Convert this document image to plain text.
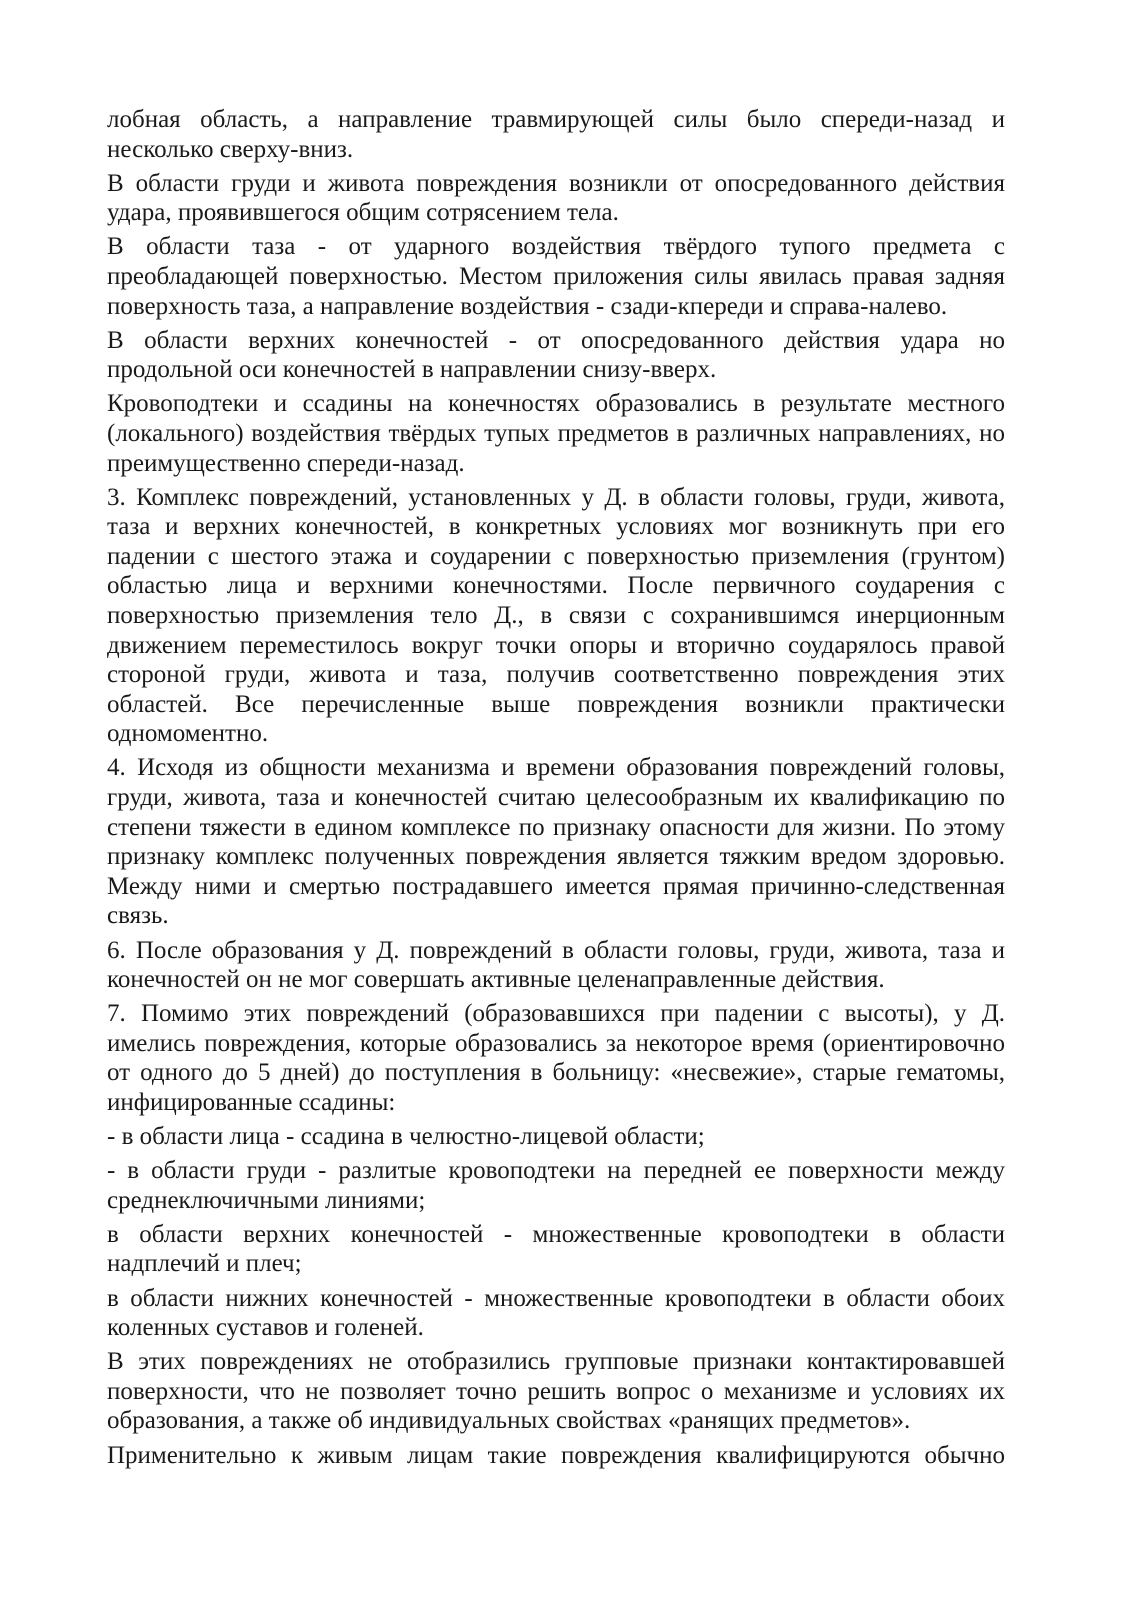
лобная область, а направление травмирующей силы было спереди-назад и несколько сверху-вниз.

В области груди и живота повреждения возникли от опосредованного действия удара, проявившегося общим сотрясением тела.

В области таза - от ударного воздействия твёрдого тупого предмета с преобладающей поверхностью. Местом приложения силы явилась правая задняя поверхность таза, а направление воздействия - сзади-кпереди и справа-налево.

В области верхних конечностей - от опосредованного действия удара но продольной оси конечностей в направлении снизу-вверх.

Кровоподтеки и ссадины на конечностях образовались в результате местного (локального) воздействия твёрдых тупых предметов в различных направлениях, но преимущественно спереди-назад.

3. Комплекс повреждений, установленных у Д. в области головы, груди, живота, таза и верхних конечностей, в конкретных условиях мог возникнуть при его падении с шестого этажа и соударении с поверхностью приземления (грунтом) областью лица и верхними конечностями. После первичного соударения с поверхностью приземления тело Д., в связи с сохранившимся инерционным движением переместилось вокруг точки опоры и вторично соударялось правой стороной груди, живота и таза, получив соответственно повреждения этих областей. Все перечисленные выше повреждения возникли практически одномоментно.

4. Исходя из общности механизма и времени образования повреждений головы, груди, живота, таза и конечностей считаю целесообразным их квалификацию по степени тяжести в едином комплексе по признаку опасности для жизни. По этому признаку комплекс полученных повреждения является тяжким вредом здоровью. Между ними и смертью пострадавшего имеется прямая причинно-следственная связь.

6. После образования у Д. повреждений в области головы, груди, живота, таза и конечностей он не мог совершать активные целенаправленные действия.

7. Помимо этих повреждений (образовавшихся при падении с высоты), у Д. имелись повреждения, которые образовались за некоторое время (ориентировочно от одного до 5 дней) до поступления в больницу: «несвежие», старые гематомы, инфицированные ссадины:

- в области лица - ссадина в челюстно-лицевой области;

- в области груди - разлитые кровоподтеки на передней ее поверхности между среднеключичными линиями;

в области верхних конечностей - множественные кровоподтеки в области надплечий и плеч;

в области нижних конечностей - множественные кровоподтеки в области обоих коленных суставов и голеней.

В этих повреждениях не отобразились групповые признаки контактировавшей поверхности, что не позволяет точно решить вопрос о механизме и условиях их образования, а также об индивидуальных свойствах «ранящих предметов».

Применительно к живым лицам такие повреждения квалифицируются обычно
